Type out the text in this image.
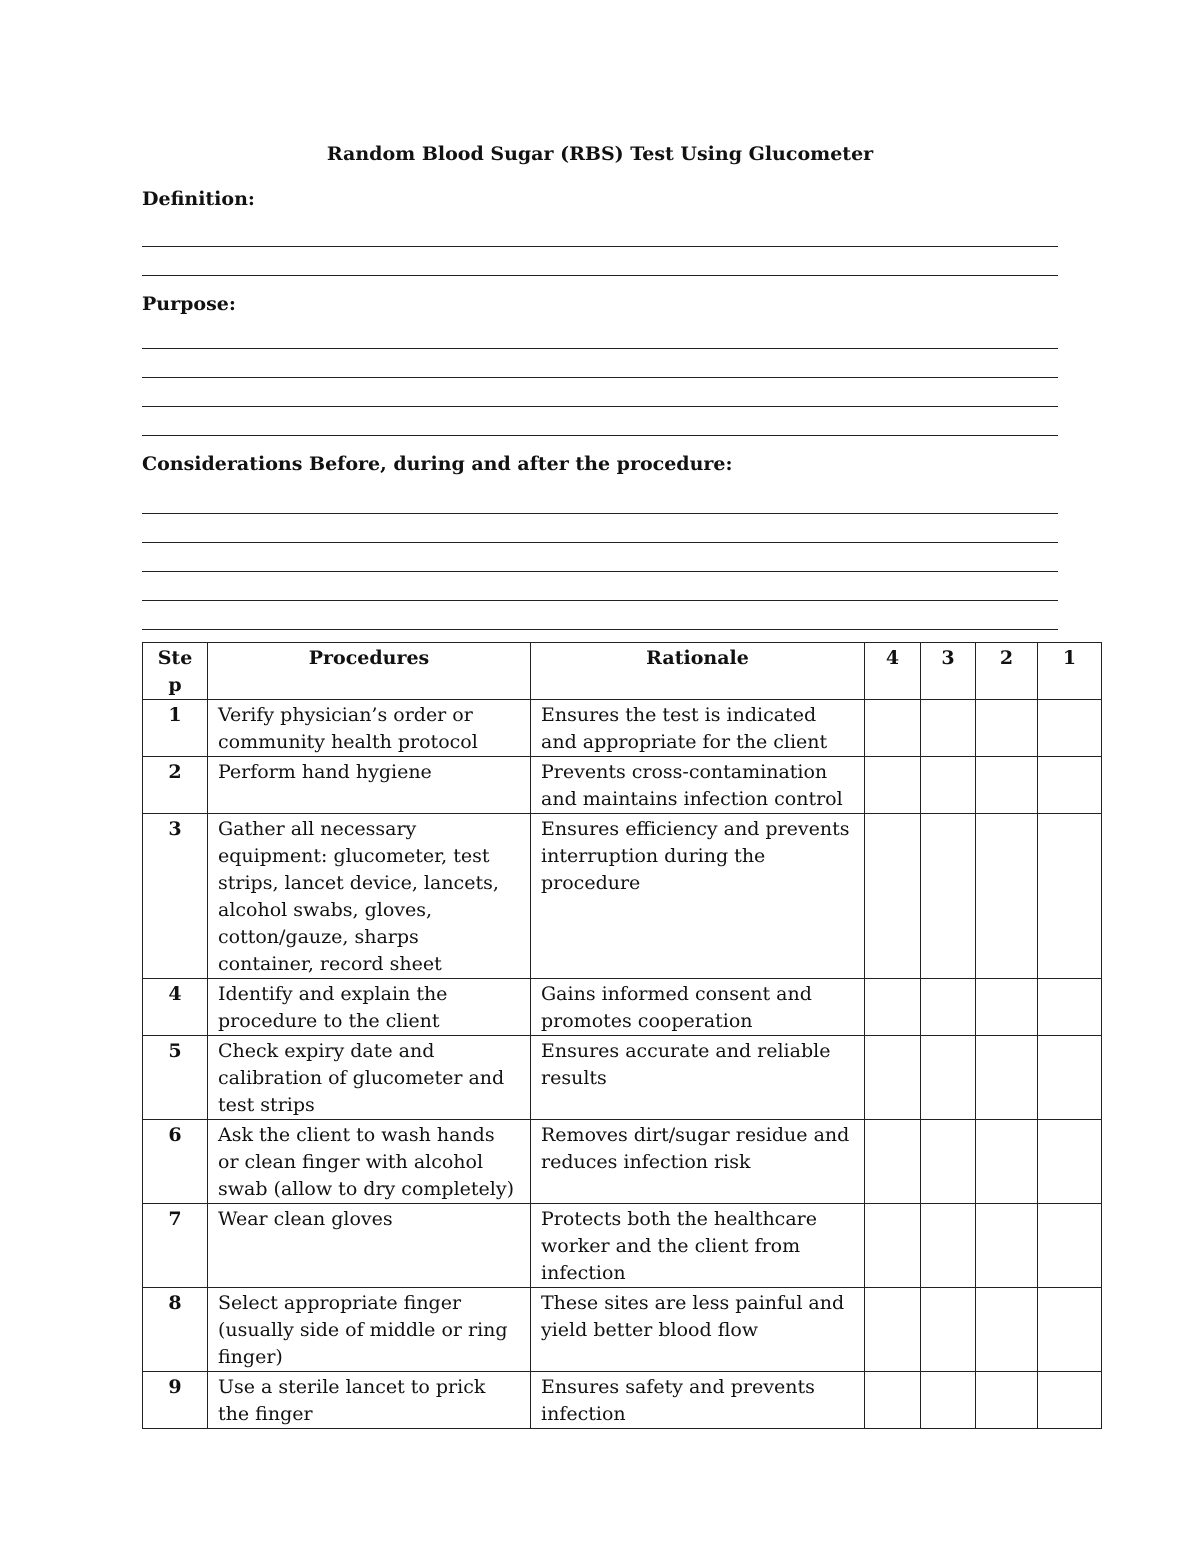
Random Blood Sugar (RBS) Test Using Glucometer

Definition:

Purpose:

Considerations Before, during and after the procedure:

Ste p	Procedures	Rationale	4	3	2	1
1	Verify physician’s order or community health protocol	Ensures the test is indicated and appropriate for the client				
2	Perform hand hygiene	Prevents cross-contamination and maintains infection control				
3	Gather all necessary equipment: glucometer, test strips, lancet device, lancets, alcohol swabs, gloves, cotton/gauze, sharps container, record sheet	Ensures efficiency and prevents interruption during the procedure				
4	Identify and explain the procedure to the client	Gains informed consent and promotes cooperation				
5	Check expiry date and calibration of glucometer and test strips	Ensures accurate and reliable results				
6	Ask the client to wash hands or clean finger with alcohol swab (allow to dry completely)	Removes dirt/sugar residue and reduces infection risk				
7	Wear clean gloves	Protects both the healthcare worker and the client from infection				
8	Select appropriate finger (usually side of middle or ring finger)	These sites are less painful and yield better blood flow				
9	Use a sterile lancet to prick the finger	Ensures safety and prevents infection				
